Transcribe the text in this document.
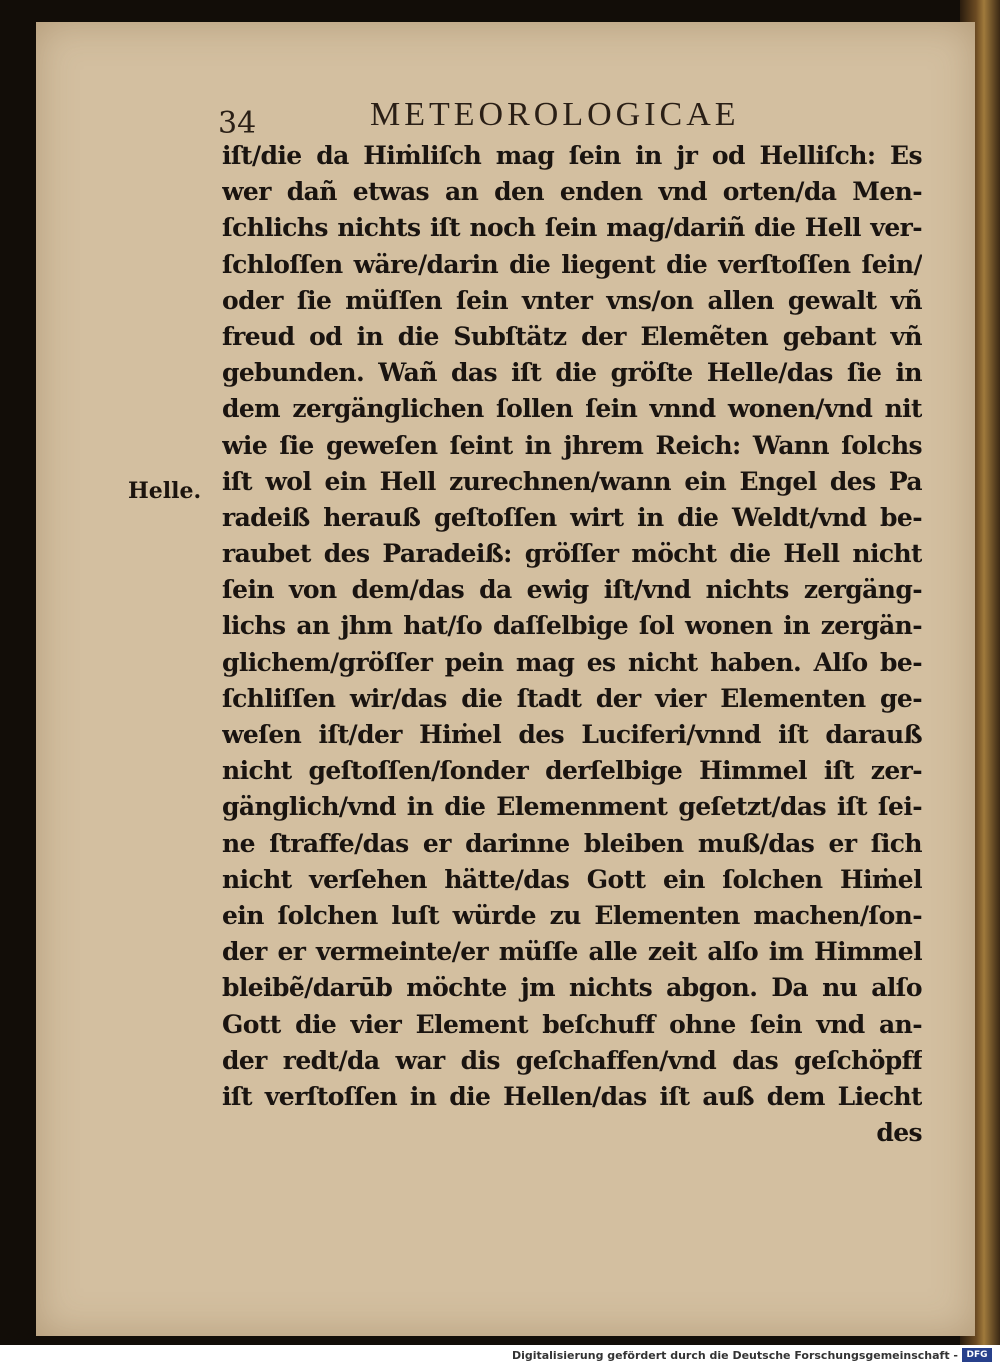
34	METEOROLOGICAE
Helle.
iſt/die da Hiṁliſch mag ſein in jr od Helliſch: Es
wer dañ etwas an den enden vnd orten/da Men-
ſchlichs nichts iſt noch ſein mag/dariñ die Hell ver-
ſchloſſen wäre/darin die liegent die verſtoſſen ſein/
oder ſie müſſen ſein vnter vns/on allen gewalt vñ
freud od in die Subſtätz der Elemẽten gebant vñ
gebunden. Wañ das iſt die gröſte Helle/das ſie in
dem zergänglichen ſollen ſein vnnd wonen/vnd nit
wie ſie geweſen ſeint in jhrem Reich: Wann ſolchs
iſt wol ein Hell zurechnen/wann ein Engel des Pa
radeiß herauß geſtoſſen wirt in die Weldt/vnd be-
raubet des Paradeiß: gröſſer möcht die Hell nicht
ſein von dem/das da ewig iſt/vnd nichts zergäng-
lichs an jhm hat/ſo daſſelbige ſol wonen in zergän-
glichem/gröſſer pein mag es nicht haben. Alſo be-
ſchliſſen wir/das die ſtadt der vier Elementen ge-
weſen iſt/der Hiṁel des Luciferi/vnnd iſt darauß
nicht geſtoſſen/ſonder derſelbige Himmel iſt zer-
gänglich/vnd in die Elemenment geſetzt/das iſt ſei-
ne ſtraffe/das er darinne bleiben muß/das er ſich
nicht verſehen hätte/das Gott ein ſolchen Hiṁel
ein ſolchen luſt würde zu Elementen machen/ſon-
der er vermeinte/er müſſe alle zeit alſo im Himmel
bleibẽ/darūb möchte jm nichts abgon. Da nu alſo
Gott die vier Element beſchuff ohne ſein vnd an-
der redt/da war dis geſchaffen/vnd das geſchöpff
iſt verſtoſſen in die Hellen/das iſt auß dem Liecht
des
Digitalisierung gefördert durch die Deutsche Forschungsgemeinschaft - DFG
